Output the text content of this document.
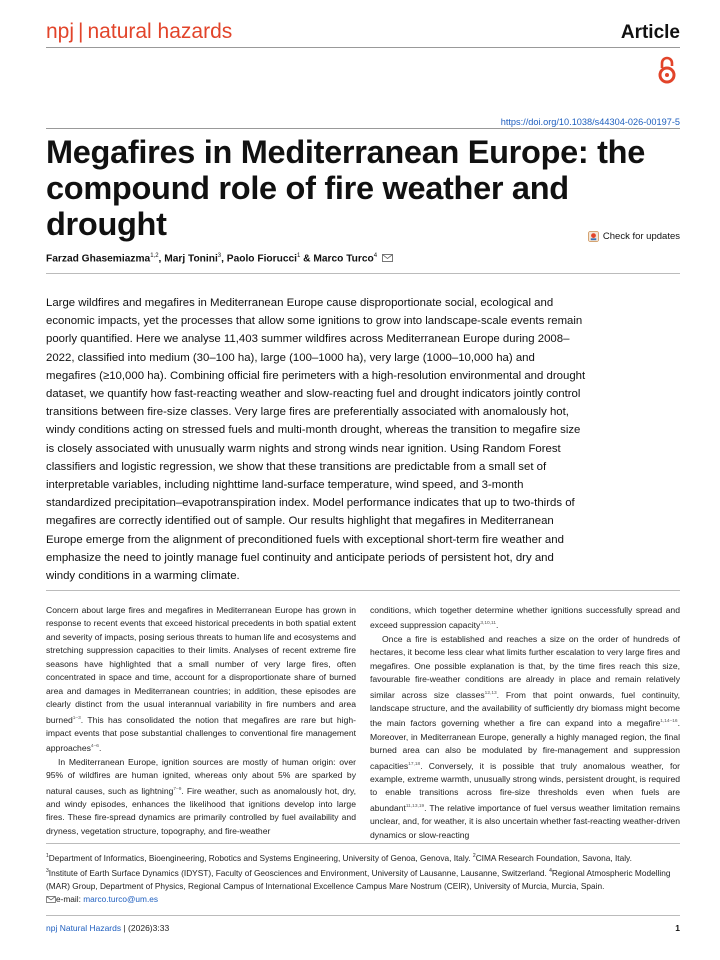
npj | natural hazards	Article
https://doi.org/10.1038/s44304-026-00197-5
Megafires in Mediterranean Europe: the compound role of fire weather and drought	Check for updates
Farzad Ghasemiazma$^{1,2}$, Marj Tonini$^3$, Paolo Fiorucci$^1$ & Marco Turco$^4$

Large wildfires and megafires in Mediterranean Europe cause disproportionate social, ecological and economic impacts, yet the processes that allow some ignitions to grow into landscape-scale events remain poorly quantified. Here we analyse 11,403 summer wildfires across Mediterranean Europe during 2008–2022, classified into medium (30–100 ha), large (100–1000 ha), very large (1000–10,000 ha) and megafires (≥10,000 ha). Combining official fire perimeters with a high-resolution environmental and drought dataset, we quantify how fast-reacting weather and slow-reacting fuel and drought indicators jointly control transitions between fire-size classes. Very large fires are preferentially associated with anomalously hot, windy conditions acting on stressed fuels and multi-month drought, whereas the transition to megafire size is closely associated with unusually warm nights and strong winds near ignition. Using Random Forest classifiers and logistic regression, we show that these transitions are predictable from a small set of interpretable variables, including nighttime land-surface temperature, wind speed, and 3-month standardized precipitation–evapotranspiration index. Model performance indicates that up to two-thirds of megafires are correctly identified out of sample. Our results highlight that megafires in Mediterranean Europe emerge from the alignment of preconditioned fuels with exceptional short-term fire weather and emphasize the need to jointly manage fuel continuity and anticipate periods of persistent hot, dry and windy conditions in a warming climate.

Concern about large fires and megafires in Mediterranean Europe has grown in response to recent events that exceed historical precedents in both spatial extent and severity of impacts, posing serious threats to human life and ecosystems and stretching suppression capacities to their limits. Analyses of recent extreme fire seasons have highlighted that a small number of very large fires, often concentrated in space and time, account for a disproportionate share of burned area and damages in Mediterranean countries; in addition, these episodes are clearly distinct from the usual interannual variability in fire numbers and area burned$^{1-3}$. This has consolidated the notion that megafires are rare but high-impact events that pose substantial challenges to conventional fire management approaches$^{4-6}$.

In Mediterranean Europe, ignition sources are mostly of human origin: over 95% of wildfires are human ignited, whereas only about 5% are sparked by natural causes, such as lightning$^{7-9}$. Fire weather, such as anomalously hot, dry, and windy episodes, enhances the likelihood that ignitions develop into large fires. These fire-spread dynamics are primarily controlled by fuel availability and dryness, vegetation structure, topography, and fire-weather

conditions, which together determine whether ignitions successfully spread and exceed suppression capacity$^{3,10,11}$.

Once a fire is established and reaches a size on the order of hundreds of hectares, it become less clear what limits further escalation to very large fires and megafires. One possible explanation is that, by the time fires reach this size, favourable fire-weather conditions are already in place and remain relatively similar across size classes$^{12,13}$. From that point onwards, fuel continuity, landscape structure, and the availability of sufficiently dry biomass might become the main factors governing whether a fire can expand into a megafire$^{1,14-16}$. Moreover, in Mediterranean Europe, generally a highly managed region, the final burned area can also be modulated by fire-management and suppression capacities$^{17,18}$. Conversely, it is possible that truly anomalous weather, for example, extreme warmth, unusually strong winds, persistent drought, is required to enable transitions across fire-size thresholds even when fuels are abundant$^{11,13,19}$. The relative importance of fuel versus weather limitation remains unclear, and, for weather, it is also uncertain whether fast-reacting weather-driven dynamics or slow-reacting

$^1$Department of Informatics, Bioengineering, Robotics and Systems Engineering, University of Genoa, Genova, Italy. $^2$CIMA Research Foundation, Savona, Italy.
$^3$Institute of Earth Surface Dynamics (IDYST), Faculty of Geosciences and Environment, University of Lausanne, Lausanne, Switzerland. $^4$Regional Atmospheric Modelling (MAR) Group, Department of Physics, Regional Campus of International Excellence Campus Mare Nostrum (CEIR), University of Murcia, Murcia, Spain.
e-mail: marco.turco@um.es
npj Natural Hazards | (2026)3:33	1
